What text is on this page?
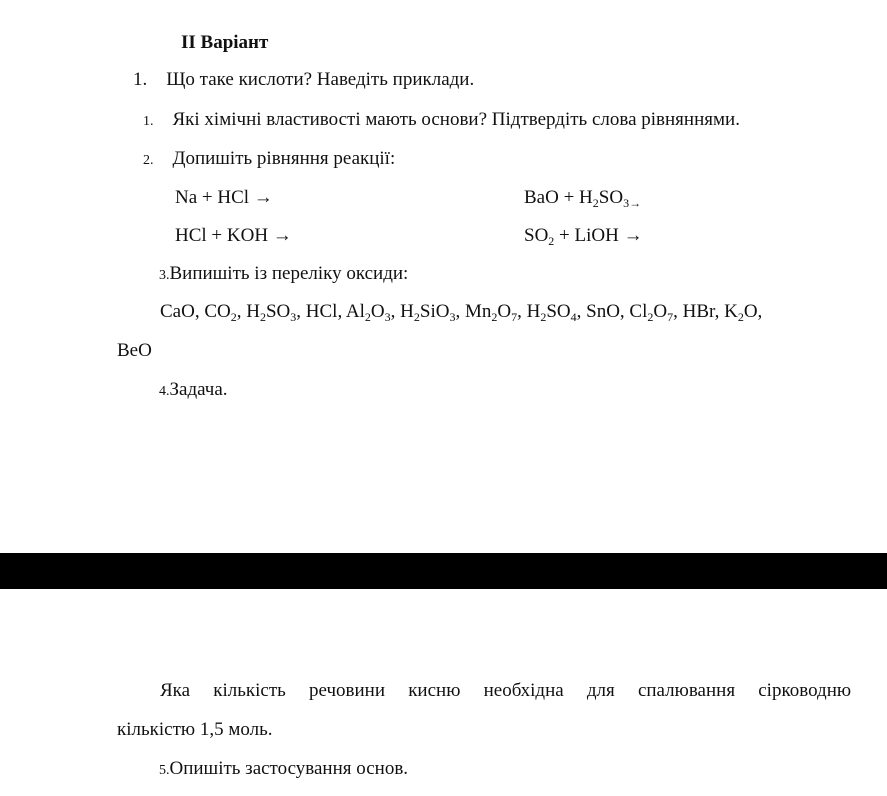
II Варіант
1. Що таке кислоти? Наведіть приклади.
1. Які хімічні властивості мають основи? Підтвердіть слова рівняннями.
2. Допишіть рівняння реакції:
Na + HCl →	BaO + $H_2SO_{3\to}$
HCl + KOH →	$SO_2$ + LiOH →
3.Випишіть із переліку оксиди:
CaO, $CO_2$, $H_2SO_3$, HCl, $Al_2O_3$, $H_2SiO_3$, $Mn_2O_7$, $H_2SO_4$, SnO, $Cl_2O_7$, HBr, $K_2O$,
BeO
4.Задача.
Яка кількість речовини кисню необхідна для спалювання сірководню
кількістю 1,5 моль.
5.Опишіть застосування основ.
